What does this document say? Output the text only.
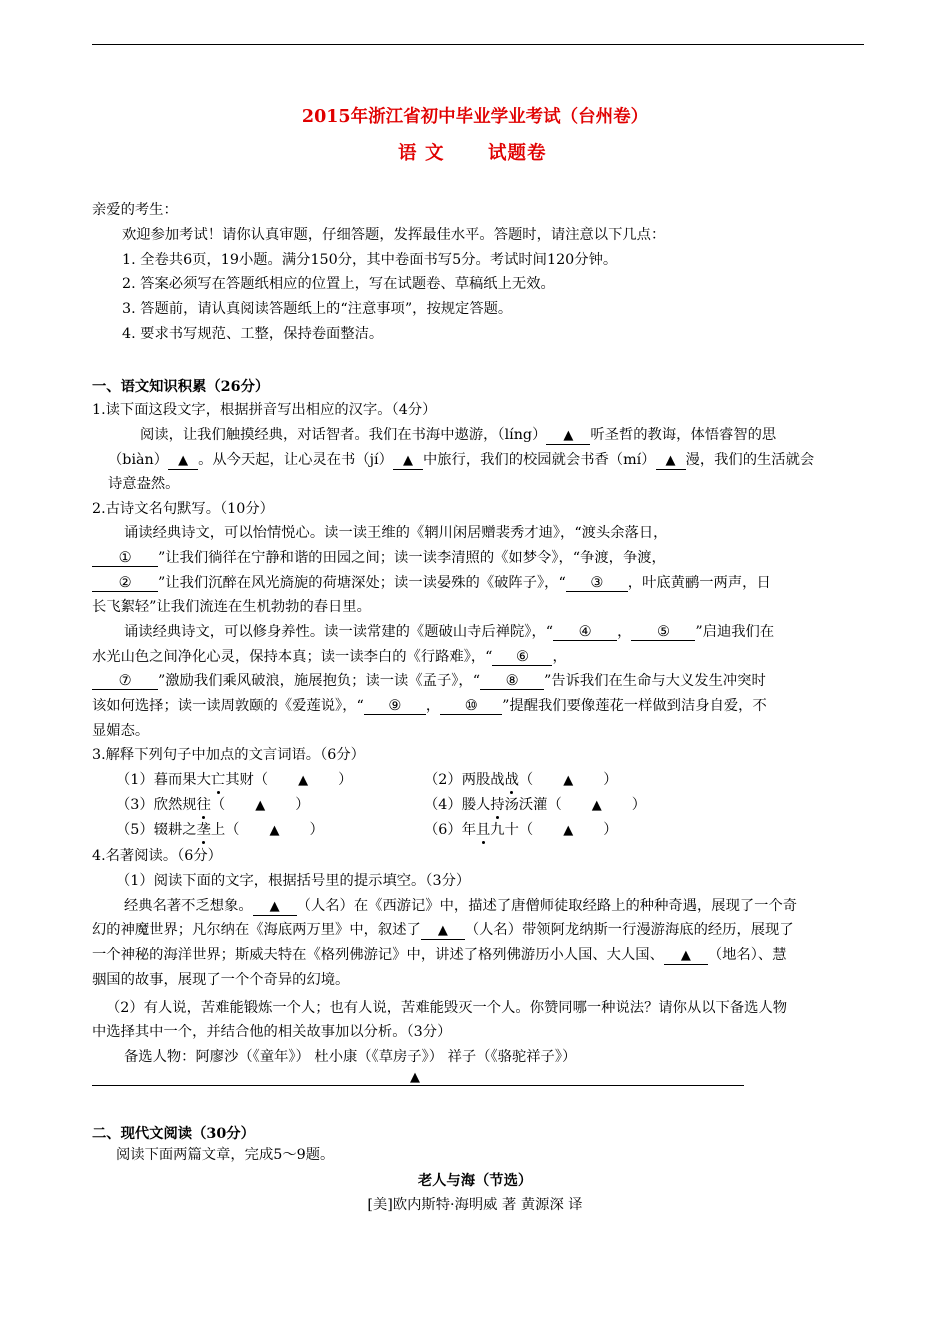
2015年浙江省初中毕业学业考试（台州卷）
语 文 试题卷
亲爱的考生：
欢迎参加考试！请你认真审题，仔细答题，发挥最佳水平。答题时，请注意以下几点：
1. 全卷共6页，19小题。满分150分，其中卷面书写5分。考试时间120分钟。
2. 答案必须写在答题纸相应的位置上，写在试题卷、草稿纸上无效。
3. 答题前，请认真阅读答题纸上的“注意事项”，按规定答题。
4. 要求书写规范、工整，保持卷面整洁。
一、语文知识积累（26分）
1.读下面这段文字，根据拼音写出相应的汉字。（4分）
阅读，让我们触摸经典，对话智者。我们在书海中遨游，（líng） ▲ 听圣哲的教诲，体悟睿智的思
（biàn） ▲ 。从今天起，让心灵在书（jí） ▲ 中旅行，我们的校园就会书香（mí） ▲ 漫，我们的生活就会
诗意盎然。
2.古诗文名句默写。（10分）
诵读经典诗文，可以怡情悦心。读一读王维的《辋川闲居赠裴秀才迪》，“渡头余落日，
① ”让我们徜徉在宁静和谐的田园之间；读一读李清照的《如梦令》，“争渡，争渡，
② ”让我们沉醉在风光旖旎的荷塘深处；读一读晏殊的《破阵子》，“ ③ ，叶底黄鹂一两声，日
长飞絮轻”让我们流连在生机勃勃的春日里。
诵读经典诗文，可以修身养性。读一读常建的《题破山寺后禅院》，“ ④ ， ⑤ ”启迪我们在
水光山色之间净化心灵，保持本真；读一读李白的《行路难》，“ ⑥ ，
⑦ ”激励我们乘风破浪，施展抱负；读一读《孟子》，“ ⑧ ”告诉我们在生命与大义发生冲突时
该如何选择；读一读周敦颐的《爱莲说》，“ ⑨ ， ⑩ ”提醒我们要像莲花一样做到洁身自爱，不
显媚态。
3.解释下列句子中加点的文言词语。（6分）
（1）暮而果大亡其财（ ▲ ）	（2）两股战战（ ▲ ）
（3）欣然规往（ ▲ ）	（4）媵人持汤沃灌（ ▲ ）
（5）辍耕之垄上（ ▲ ）	（6）年且九十（ ▲ ）
4.名著阅读。（6分）
（1）阅读下面的文字，根据括号里的提示填空。（3分）
经典名著不乏想象。 ▲ （人名）在《西游记》中，描述了唐僧师徒取经路上的种种奇遇，展现了一个奇
幻的神魔世界；凡尔纳在《海底两万里》中，叙述了 ▲ （人名）带领阿龙纳斯一行漫游海底的经历，展现了
一个神秘的海洋世界；斯威夫特在《格列佛游记》中，讲述了格列佛游历小人国、大人国、 ▲ （地名）、慧
骃国的故事，展现了一个个奇异的幻境。
（2）有人说，苦难能锻炼一个人；也有人说，苦难能毁灭一个人。你赞同哪一种说法？请你从以下备选人物
中选择其中一个，并结合他的相关故事加以分析。（3分）
备选人物：阿廖沙（《童年》） 杜小康（《草房子》） 祥子（《骆驼祥子》）
▲
二、现代文阅读（30分）
阅读下面两篇文章，完成5～9题。
老人与海（节选）
[美]欧内斯特·海明威 著 黄源深 译
